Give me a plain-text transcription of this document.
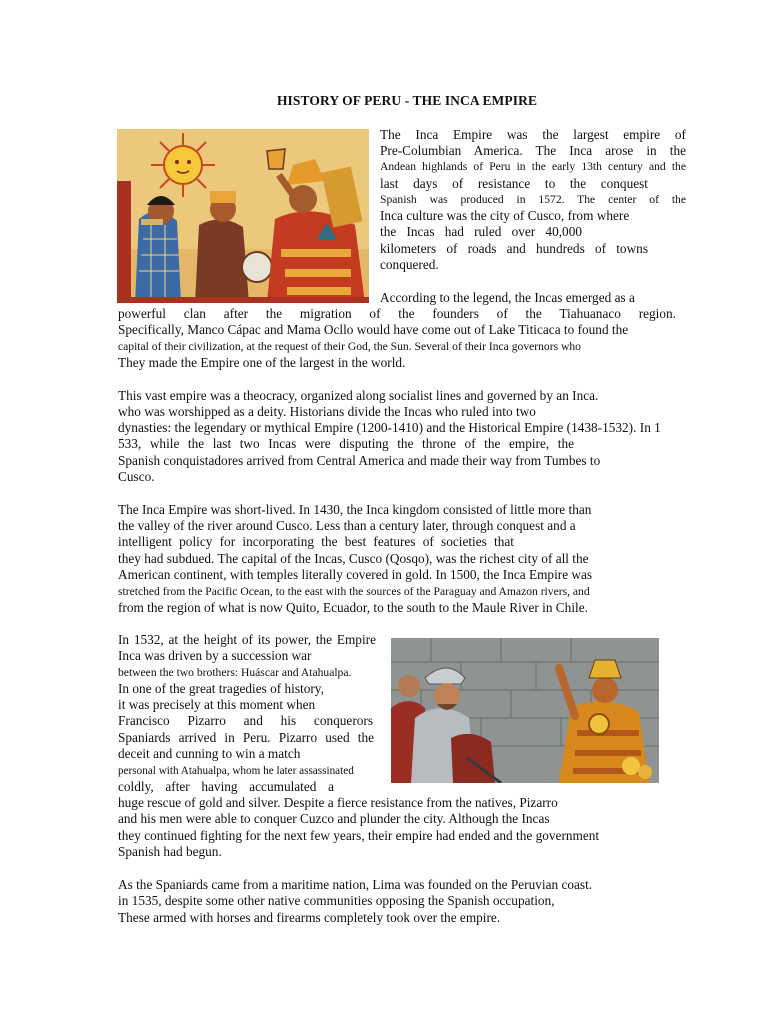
HISTORY OF PERU - THE INCA EMPIRE
The Inca Empire was the largest empire of
Pre-Columbian America. The Inca arose in the
Andean highlands of Peru in the early 13th century and the
last days of resistance to the conquest
Spanish was produced in 1572. The center of the
Inca culture was the city of Cusco, from where
the Incas had ruled over 40,000
kilometers of roads and hundreds of towns
conquered.
According to the legend, the Incas emerged as a
powerful clan after the migration of the founders of the Tiahuanaco region.
Specifically, Manco Cápac and Mama Ocllo would have come out of Lake Titicaca to found the
capital of their civilization, at the request of their God, the Sun. Several of their Inca governors who
They made the Empire one of the largest in the world.
This vast empire was a theocracy, organized along socialist lines and governed by an Inca.
who was worshipped as a deity. Historians divide the Incas who ruled into two
dynasties: the legendary or mythical Empire (1200-1410) and the Historical Empire (1438-1532). In 1
533, while the last two Incas were disputing the throne of the empire, the
Spanish conquistadores arrived from Central America and made their way from Tumbes to
Cusco.
The Inca Empire was short-lived. In 1430, the Inca kingdom consisted of little more than
the valley of the river around Cusco. Less than a century later, through conquest and a
intelligent policy for incorporating the best features of societies that
they had subdued. The capital of the Incas, Cusco (Qosqo), was the richest city of all the
American continent, with temples literally covered in gold. In 1500, the Inca Empire was
stretched from the Pacific Ocean, to the east with the sources of the Paraguay and Amazon rivers, and
from the region of what is now Quito, Ecuador, to the south to the Maule River in Chile.
In 1532, at the height of its power, the Empire
Inca was driven by a succession war
between the two brothers: Huáscar and Atahualpa.
In one of the great tragedies of history,
it was precisely at this moment when
Francisco Pizarro and his conquerors
Spaniards arrived in Peru. Pizarro used the
deceit and cunning to win a match
personal with Atahualpa, whom he later assassinated
coldly, after having accumulated a
huge rescue of gold and silver. Despite a fierce resistance from the natives, Pizarro
and his men were able to conquer Cuzco and plunder the city. Although the Incas
they continued fighting for the next few years, their empire had ended and the government
Spanish had begun.
As the Spaniards came from a maritime nation, Lima was founded on the Peruvian coast.
in 1535, despite some other native communities opposing the Spanish occupation,
These armed with horses and firearms completely took over the empire.
